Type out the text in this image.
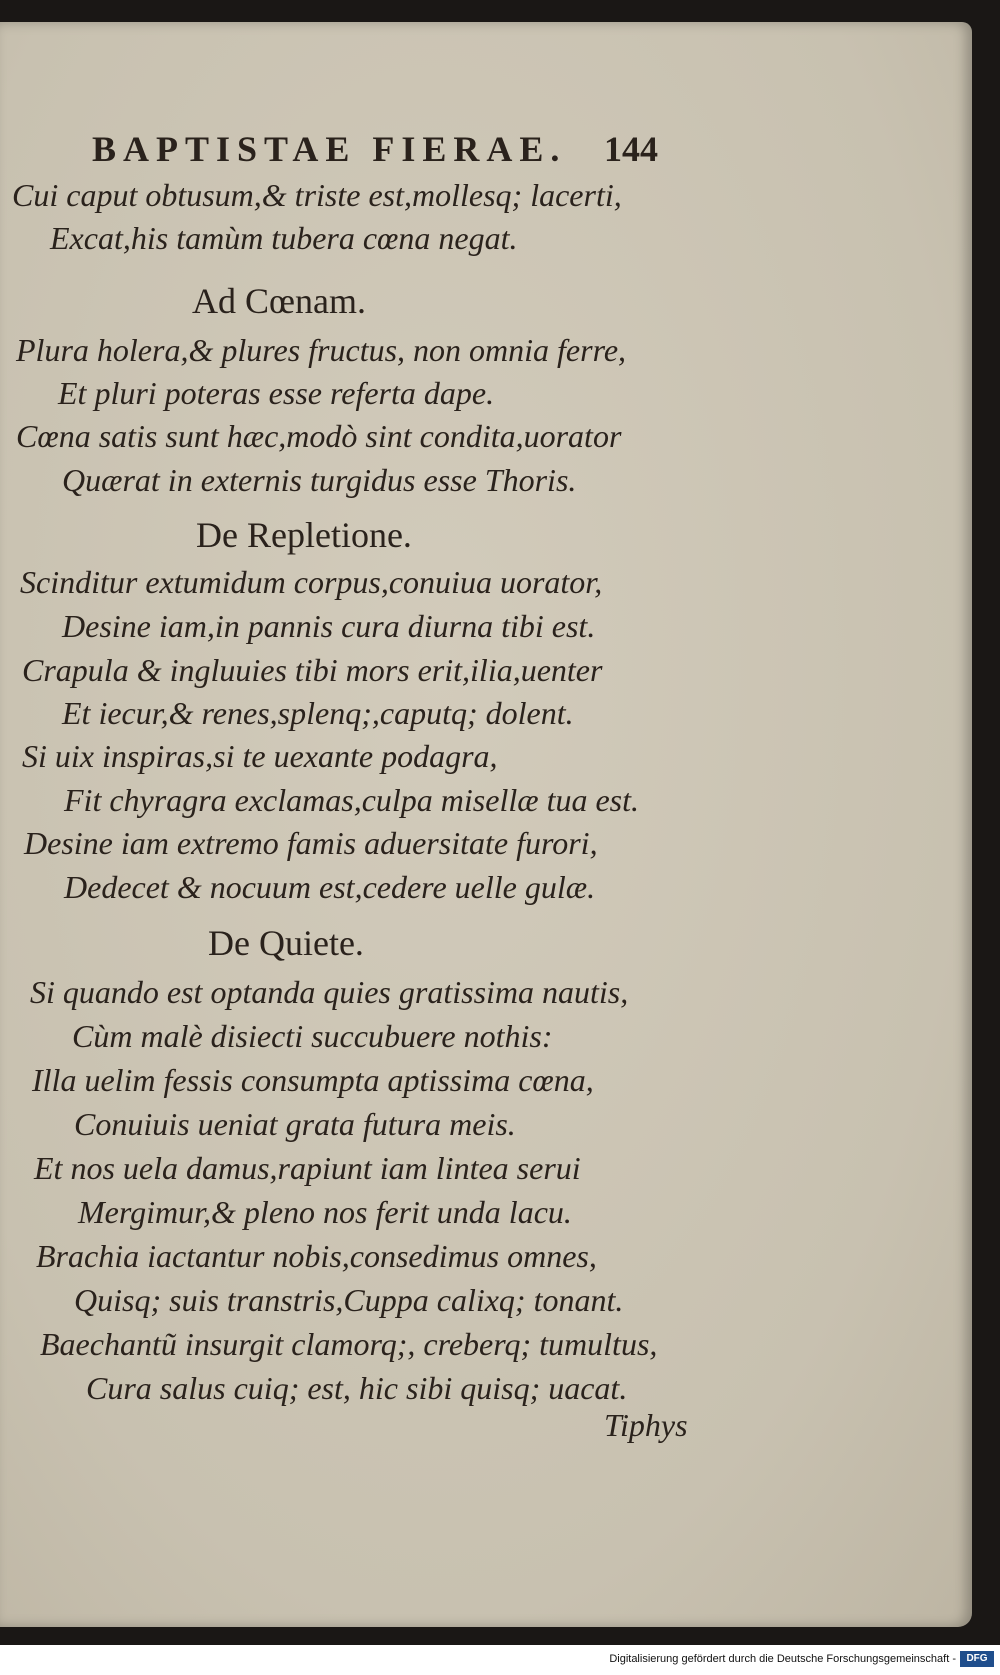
BAPTISTAE FIERAE. 144
Cui caput obtusum,& triste est,mollesq; lacerti,
Excat,his tamùm tubera cœna negat.
Ad Cœnam.
Plura holera,& plures fructus, non omnia ferre,
Et pluri poteras esse referta dape.
Cœna satis sunt hæc,modò sint condita,uorator
Quærat in externis turgidus esse Thoris.
De Repletione.
Scinditur extumidum corpus,conuiua uorator,
Desine iam,in pannis cura diurna tibi est.
Crapula & ingluuies tibi mors erit,ilia,uenter
Et iecur,& renes,splenq;,caputq; dolent.
Si uix inspiras,si te uexante podagra,
Fit chyragra exclamas,culpa misellæ tua est.
Desine iam extremo famis aduersitate furori,
Dedecet & nocuum est,cedere uelle gulæ.
De Quiete.
Si quando est optanda quies gratissima nautis,
Cùm malè disiecti succubuere nothis:
Illa uelim fessis consumpta aptissima cœna,
Conuiuis ueniat grata futura meis.
Et nos uela damus,rapiunt iam lintea serui
Mergimur,& pleno nos ferit unda lacu.
Brachia iactantur nobis,consedimus omnes,
Quisq; suis transtris,Cuppa calixq; tonant.
Baechantũ insurgit clamorq;, creberq; tumultus,
Cura salus cuiq; est, hic sibi quisq; uacat.
Tiphys
Digitalisierung gefördert durch die Deutsche Forschungsgemeinschaft -	DFG
